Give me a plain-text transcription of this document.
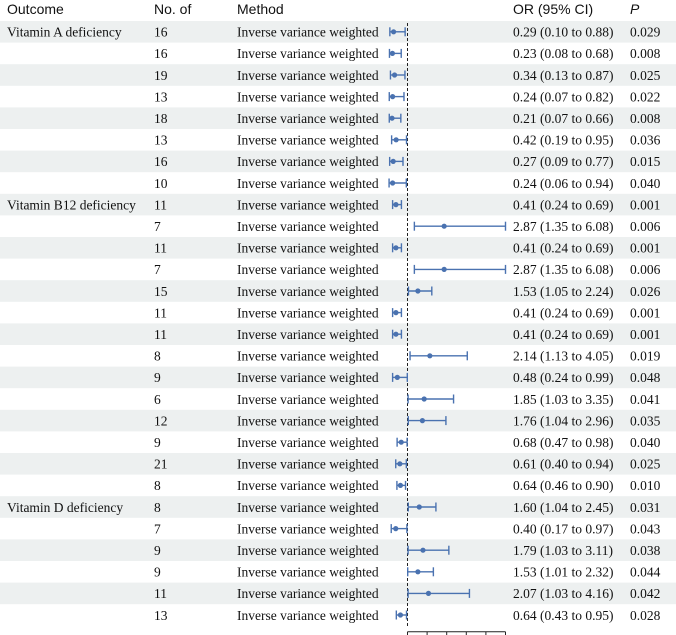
Outcome	No. of	Method	OR (95% CI)	P
Vitamin A deficiency 16	Inverse variance weighted	0.29 (0.10 to 0.88) 0.029
16	Inverse variance weighted	0.23 (0.08 to 0.68) 0.008
19	Inverse variance weighted	0.34 (0.13 to 0.87) 0.025
13	Inverse variance weighted	0.24 (0.07 to 0.82) 0.022
18	Inverse variance weighted	0.21 (0.07 to 0.66) 0.008
13	Inverse variance weighted	0.42 (0.19 to 0.95) 0.036
16	Inverse variance weighted	0.27 (0.09 to 0.77) 0.015
10	Inverse variance weighted	0.24 (0.06 to 0.94) 0.040
Vitamin B12 deficiency 11	Inverse variance weighted	0.41 (0.24 to 0.69) 0.001
7	Inverse variance weighted	2.87 (1.35 to 6.08) 0.006
11	Inverse variance weighted	0.41 (0.24 to 0.69) 0.001
7	Inverse variance weighted	2.87 (1.35 to 6.08) 0.006
15	Inverse variance weighted	1.53 (1.05 to 2.24) 0.026
11	Inverse variance weighted	0.41 (0.24 to 0.69) 0.001
11	Inverse variance weighted	0.41 (0.24 to 0.69) 0.001
8	Inverse variance weighted	2.14 (1.13 to 4.05) 0.019
9	Inverse variance weighted	0.48 (0.24 to 0.99) 0.048
6	Inverse variance weighted	1.85 (1.03 to 3.35) 0.041
12	Inverse variance weighted	1.76 (1.04 to 2.96) 0.035
9	Inverse variance weighted	0.68 (0.47 to 0.98) 0.040
21	Inverse variance weighted	0.61 (0.40 to 0.94) 0.025
8	Inverse variance weighted	0.64 (0.46 to 0.90) 0.010
Vitamin D deficiency 8	Inverse variance weighted	1.60 (1.04 to 2.45) 0.031
7	Inverse variance weighted	0.40 (0.17 to 0.97) 0.043
9	Inverse variance weighted	1.79 (1.03 to 3.11) 0.038
9	Inverse variance weighted	1.53 (1.01 to 2.32) 0.044
11	Inverse variance weighted	2.07 (1.03 to 4.16) 0.042
13	Inverse variance weighted	0.64 (0.43 to 0.95) 0.028
